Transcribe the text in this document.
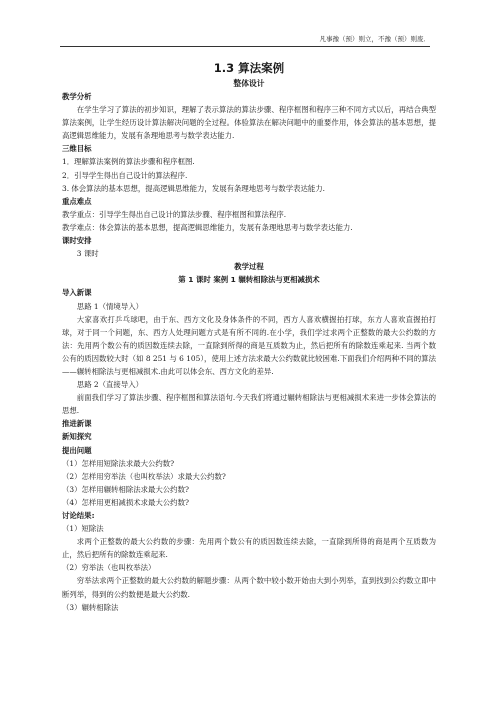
凡事豫（预）则立，不豫（预）则废．

1.3 算法案例

整体设计

教学分析

在学生学习了算法的初步知识，理解了表示算法的算法步骤、程序框图和程序三种不同方式以后，再结合典型算法案例，让学生经历设计算法解决问题的全过程。体验算法在解决问题中的重要作用，体会算法的基本思想，提高逻辑思维能力，发展有条理地思考与数学表达能力.

三维目标

1．理解算法案例的算法步骤和程序框图.

2．引导学生得出自己设计的算法程序.

3. 体会算法的基本思想，提高逻辑思维能力，发展有条理地思考与数学表达能力.

重点难点

教学重点：引导学生得出自己设计的算法步骤、程序框图和算法程序.

教学难点：体会算法的基本思想，提高逻辑思维能力，发展有条理地思考与数学表达能力.

课时安排

3 课时

教学过程

第 1 课时 案例 1 辗转相除法与更相减损术

导入新课

思路 1（情境导入）

大家喜欢打乒乓球吧，由于东、西方文化及身体条件的不同，西方人喜欢横握拍打球，东方人喜欢直握拍打球，对于同一个问题，东、西方人处理问题方式是有所不同的.在小学，我们学过求两个正整数的最大公约数的方法：先用两个数公有的质因数连续去除，一直除到所得的商是互质数为止，然后把所有的除数连乘起来. 当两个数公有的质因数较大时（如 8 251 与 6 105），使用上述方法求最大公约数就比较困难.下面我们介绍两种不同的算法——辗转相除法与更相减损术.由此可以体会东、西方文化的差异.

思路 2（直接导入）

前面我们学习了算法步骤、程序框图和算法语句.今天我们将通过辗转相除法与更相减损术来进一步体会算法的思想.

推进新课

新知探究

提出问题

（1）怎样用短除法求最大公约数?

（2）怎样用穷举法（也叫枚举法）求最大公约数?

（3）怎样用辗转相除法求最大公约数?

（4）怎样用更相减损术求最大公约数?

讨论结果:

（1）短除法

求两个正整数的最大公约数的步骤：先用两个数公有的质因数连续去除，一直除到所得的商是两个互质数为止，然后把所有的除数连乘起来.

（2）穷举法（也叫枚举法）

穷举法求两个正整数的最大公约数的解题步骤：从两个数中较小数开始由大到小列举，直到找到公约数立即中断列举，得到的公约数便是最大公约数.

（3）辗转相除法
